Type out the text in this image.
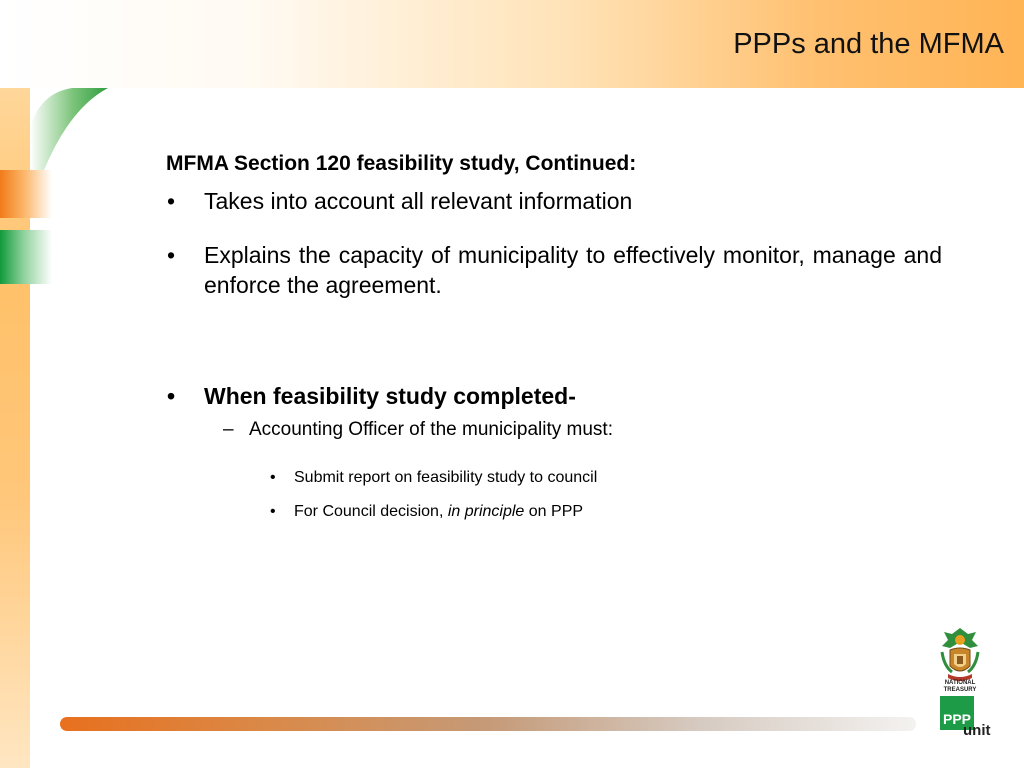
PPPs and the MFMA
MFMA Section 120 feasibility study, Continued:
• Takes into account all relevant information
• Explains the capacity of municipality to effectively monitor, manage and enforce the agreement.
• When feasibility study completed-
– Accounting Officer of the municipality must:
• Submit report on feasibility study to council
• For Council decision, in principle on PPP
NATIONAL
TREASURY
PPP
unit
